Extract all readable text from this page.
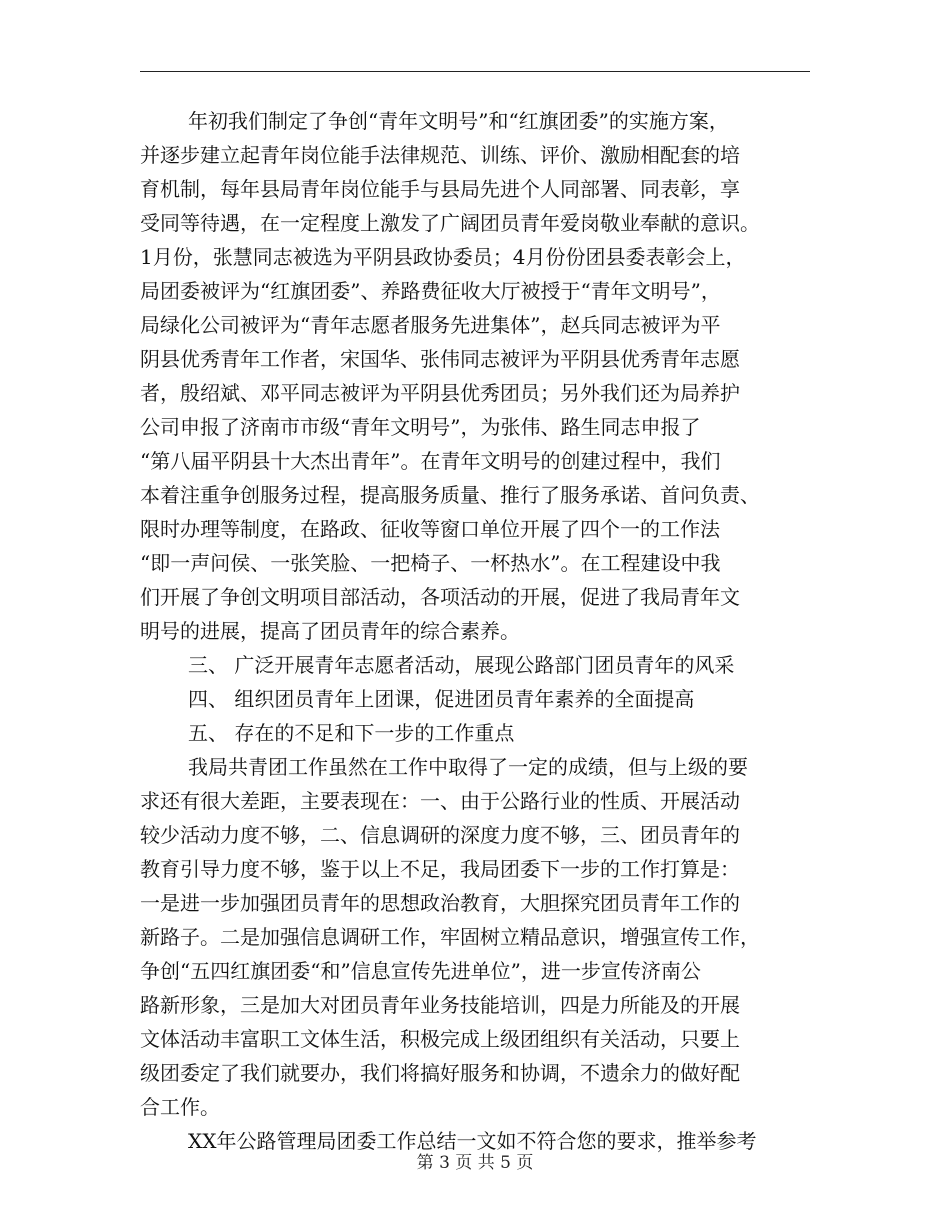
年初我们制定了争创“青年文明号”和“红旗团委”的实施方案，
并逐步建立起青年岗位能手法律规范、训练、评价、激励相配套的培
育机制，每年县局青年岗位能手与县局先进个人同部署、同表彰，享
受同等待遇，在一定程度上激发了广阔团员青年爱岗敬业奉献的意识。
1月份，张慧同志被选为平阴县政协委员；4月份份团县委表彰会上，
局团委被评为“红旗团委”、养路费征收大厅被授于“青年文明号”，
局绿化公司被评为“青年志愿者服务先进集体”，赵兵同志被评为平
阴县优秀青年工作者，宋国华、张伟同志被评为平阴县优秀青年志愿
者，殷绍斌、邓平同志被评为平阴县优秀团员；另外我们还为局养护
公司申报了济南市市级“青年文明号”，为张伟、路生同志申报了
“第八届平阴县十大杰出青年”。在青年文明号的创建过程中，我们
本着注重争创服务过程，提高服务质量、推行了服务承诺、首问负责、
限时办理等制度，在路政、征收等窗口单位开展了四个一的工作法
“即一声问侯、一张笑脸、一把椅子、一杯热水”。在工程建设中我
们开展了争创文明项目部活动，各项活动的开展，促进了我局青年文
明号的进展，提高了团员青年的综合素养。
三、 广泛开展青年志愿者活动，展现公路部门团员青年的风采
四、 组织团员青年上团课，促进团员青年素养的全面提高
五、 存在的不足和下一步的工作重点
我局共青团工作虽然在工作中取得了一定的成绩，但与上级的要
求还有很大差距，主要表现在：一、由于公路行业的性质、开展活动
较少活动力度不够，二、信息调研的深度力度不够，三、团员青年的
教育引导力度不够，鉴于以上不足，我局团委下一步的工作打算是：
一是进一步加强团员青年的思想政治教育，大胆探究团员青年工作的
新路子。二是加强信息调研工作，牢固树立精品意识，增强宣传工作，
争创“五四红旗团委“和”信息宣传先进单位”，进一步宣传济南公
路新形象，三是加大对团员青年业务技能培训，四是力所能及的开展
文体活动丰富职工文体生活，积极完成上级团组织有关活动，只要上
级团委定了我们就要办，我们将搞好服务和协调，不遗余力的做好配
合工作。
XX年公路管理局团委工作总结一文如不符合您的要求，推举参考
第 3 页 共 5 页
